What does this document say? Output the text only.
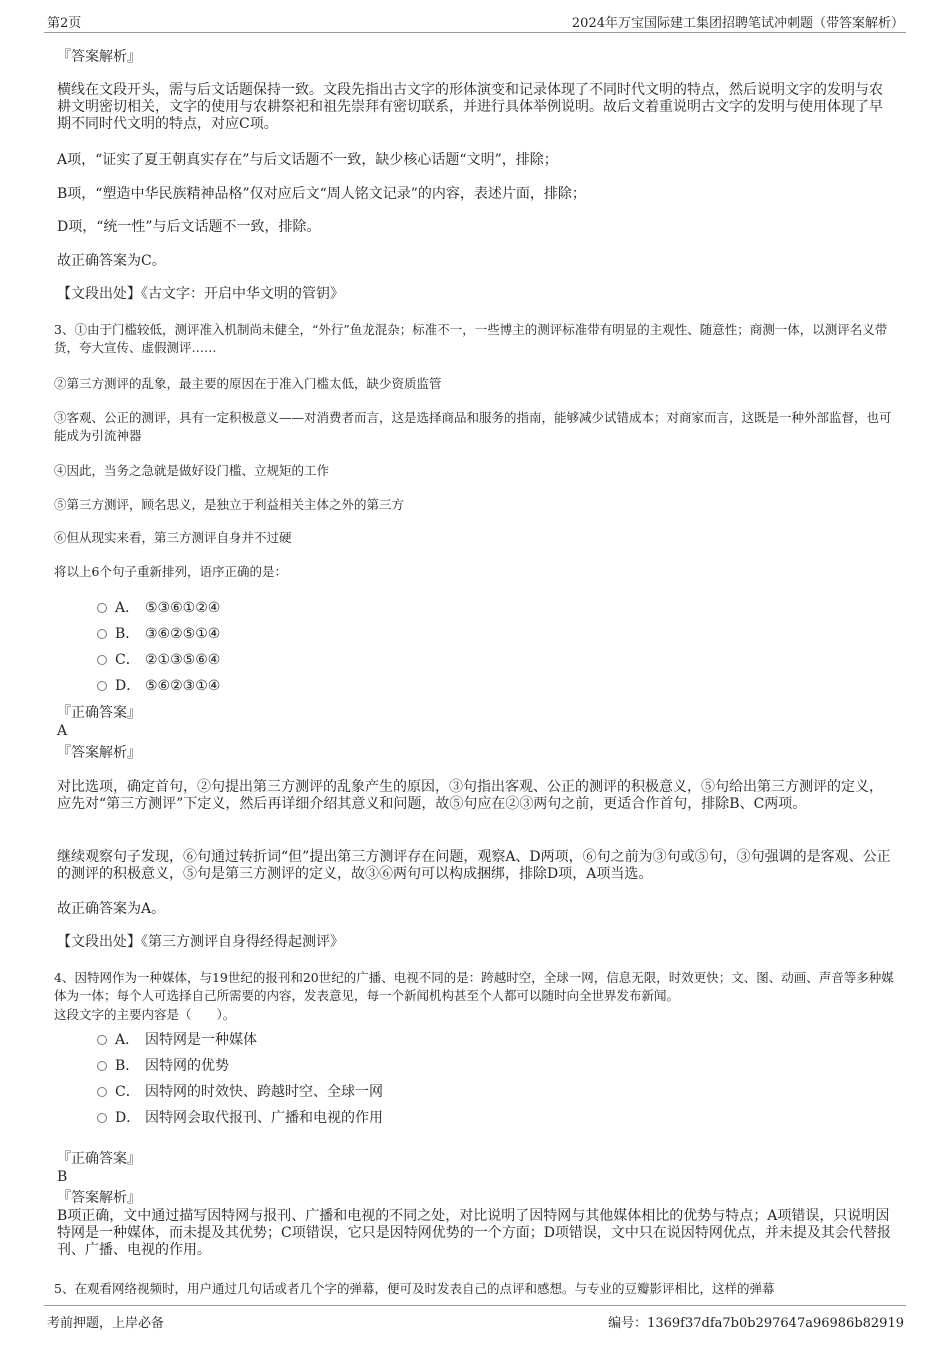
第2页	2024年万宝国际建工集团招聘笔试冲刺题（带答案解析）
『答案解析』
横线在文段开头，需与后文话题保持一致。文段先指出古文字的形体演变和记录体现了不同时代文明的特点，然后说明文字的发明与农耕文明密切相关，文字的使用与农耕祭祀和祖先崇拜有密切联系，并进行具体举例说明。故后文着重说明古文字的发明与使用体现了早期不同时代文明的特点，对应C项。
A项，“证实了夏王朝真实存在”与后文话题不一致，缺少核心话题“文明”，排除；
B项，“塑造中华民族精神品格”仅对应后文“周人铭文记录”的内容，表述片面，排除；
D项，“统一性”与后文话题不一致，排除。
故正确答案为C。
【文段出处】《古文字：开启中华文明的管钥》
3、①由于门槛较低，测评准入机制尚未健全，“外行”鱼龙混杂；标准不一，一些博主的测评标准带有明显的主观性、随意性；商测一体，以测评名义带货，夸大宣传、虚假测评……
②第三方测评的乱象，最主要的原因在于准入门槛太低，缺少资质监管
③客观、公正的测评，具有一定积极意义——对消费者而言，这是选择商品和服务的指南，能够减少试错成本；对商家而言，这既是一种外部监督，也可能成为引流神器
④因此，当务之急就是做好设门槛、立规矩的工作
⑤第三方测评，顾名思义，是独立于利益相关主体之外的第三方
⑥但从现实来看，第三方测评自身并不过硬
将以上6个句子重新排列，语序正确的是：
A． ⑤③⑥①②④
B． ③⑥②⑤①④
C． ②①③⑤⑥④
D． ⑤⑥②③①④
『正确答案』
A
『答案解析』
对比选项，确定首句，②句提出第三方测评的乱象产生的原因，③句指出客观、公正的测评的积极意义，⑤句给出第三方测评的定义，应先对“第三方测评”下定义，然后再详细介绍其意义和问题，故⑤句应在②③两句之前，更适合作首句，排除B、C两项。
继续观察句子发现，⑥句通过转折词“但”提出第三方测评存在问题，观察A、D两项，⑥句之前为③句或⑤句，③句强调的是客观、公正的测评的积极意义，⑤句是第三方测评的定义，故③⑥两句可以构成捆绑，排除D项，A项当选。
故正确答案为A。
【文段出处】《第三方测评自身得经得起测评》
4、因特网作为一种媒体，与19世纪的报刊和20世纪的广播、电视不同的是：跨越时空，全球一网，信息无限，时效更快；文、图、动画、声音等多种媒体为一体；每个人可选择自己所需要的内容，发表意见，每一个新闻机构甚至个人都可以随时向全世界发布新闻。
这段文字的主要内容是（　　）。
A． 因特网是一种媒体
B． 因特网的优势
C． 因特网的时效快、跨越时空、全球一网
D． 因特网会取代报刊、广播和电视的作用
『正确答案』
B
『答案解析』
B项正确，文中通过描写因特网与报刊、广播和电视的不同之处，对比说明了因特网与其他媒体相比的优势与特点；A项错误，只说明因特网是一种媒体，而未提及其优势；C项错误，它只是因特网优势的一个方面；D项错误，文中只在说因特网优点，并未提及其会代替报刊、广播、电视的作用。
5、在观看网络视频时，用户通过几句话或者几个字的弹幕，便可及时发表自己的点评和感想。与专业的豆瓣影评相比，这样的弹幕
考前押题，上岸必备	编号：1369f37dfa7b0b297647a96986b82919
